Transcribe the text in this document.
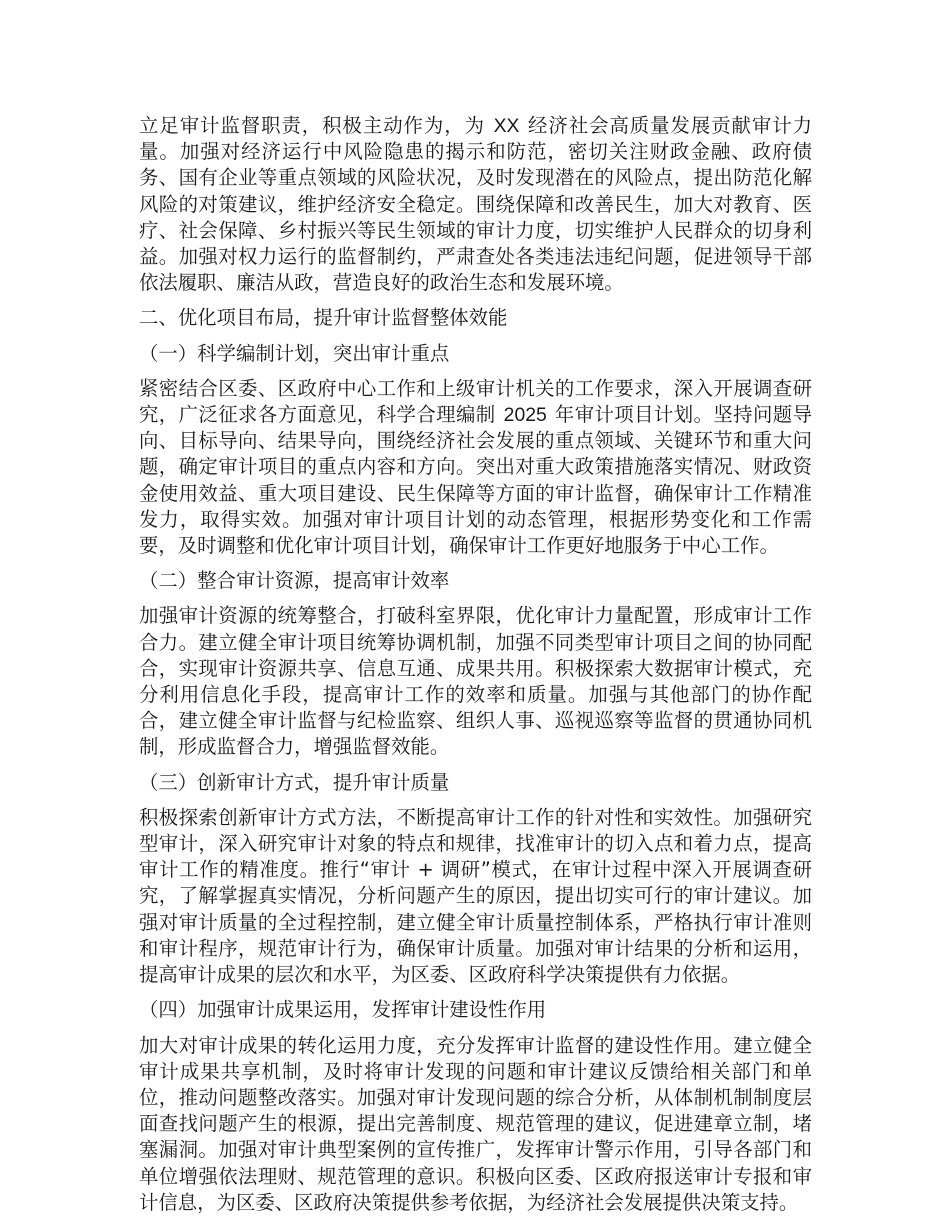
立足审计监督职责，积极主动作为，为 XX 经济社会高质量发展贡献审计力量。加强对经济运行中风险隐患的揭示和防范，密切关注财政金融、政府债务、国有企业等重点领域的风险状况，及时发现潜在的风险点，提出防范化解风险的对策建议，维护经济安全稳定。围绕保障和改善民生，加大对教育、医疗、社会保障、乡村振兴等民生领域的审计力度，切实维护人民群众的切身利益。加强对权力运行的监督制约，严肃查处各类违法违纪问题，促进领导干部依法履职、廉洁从政，营造良好的政治生态和发展环境。

二、优化项目布局，提升审计监督整体效能

（一）科学编制计划，突出审计重点

紧密结合区委、区政府中心工作和上级审计机关的工作要求，深入开展调查研究，广泛征求各方面意见，科学合理编制 2025 年审计项目计划。坚持问题导向、目标导向、结果导向，围绕经济社会发展的重点领域、关键环节和重大问题，确定审计项目的重点内容和方向。突出对重大政策措施落实情况、财政资金使用效益、重大项目建设、民生保障等方面的审计监督，确保审计工作精准发力，取得实效。加强对审计项目计划的动态管理，根据形势变化和工作需要，及时调整和优化审计项目计划，确保审计工作更好地服务于中心工作。

（二）整合审计资源，提高审计效率

加强审计资源的统筹整合，打破科室界限，优化审计力量配置，形成审计工作合力。建立健全审计项目统筹协调机制，加强不同类型审计项目之间的协同配合，实现审计资源共享、信息互通、成果共用。积极探索大数据审计模式，充分利用信息化手段，提高审计工作的效率和质量。加强与其他部门的协作配合，建立健全审计监督与纪检监察、组织人事、巡视巡察等监督的贯通协同机制，形成监督合力，增强监督效能。

（三）创新审计方式，提升审计质量

积极探索创新审计方式方法，不断提高审计工作的针对性和实效性。加强研究型审计，深入研究审计对象的特点和规律，找准审计的切入点和着力点，提高审计工作的精准度。推行“审计 + 调研”模式，在审计过程中深入开展调查研究，了解掌握真实情况，分析问题产生的原因，提出切实可行的审计建议。加强对审计质量的全过程控制，建立健全审计质量控制体系，严格执行审计准则和审计程序，规范审计行为，确保审计质量。加强对审计结果的分析和运用，提高审计成果的层次和水平，为区委、区政府科学决策提供有力依据。

（四）加强审计成果运用，发挥审计建设性作用

加大对审计成果的转化运用力度，充分发挥审计监督的建设性作用。建立健全审计成果共享机制，及时将审计发现的问题和审计建议反馈给相关部门和单位，推动问题整改落实。加强对审计发现问题的综合分析，从体制机制制度层面查找问题产生的根源，提出完善制度、规范管理的建议，促进建章立制，堵塞漏洞。加强对审计典型案例的宣传推广，发挥审计警示作用，引导各部门和单位增强依法理财、规范管理的意识。积极向区委、区政府报送审计专报和审计信息，为区委、区政府决策提供参考依据，为经济社会发展提供决策支持。
